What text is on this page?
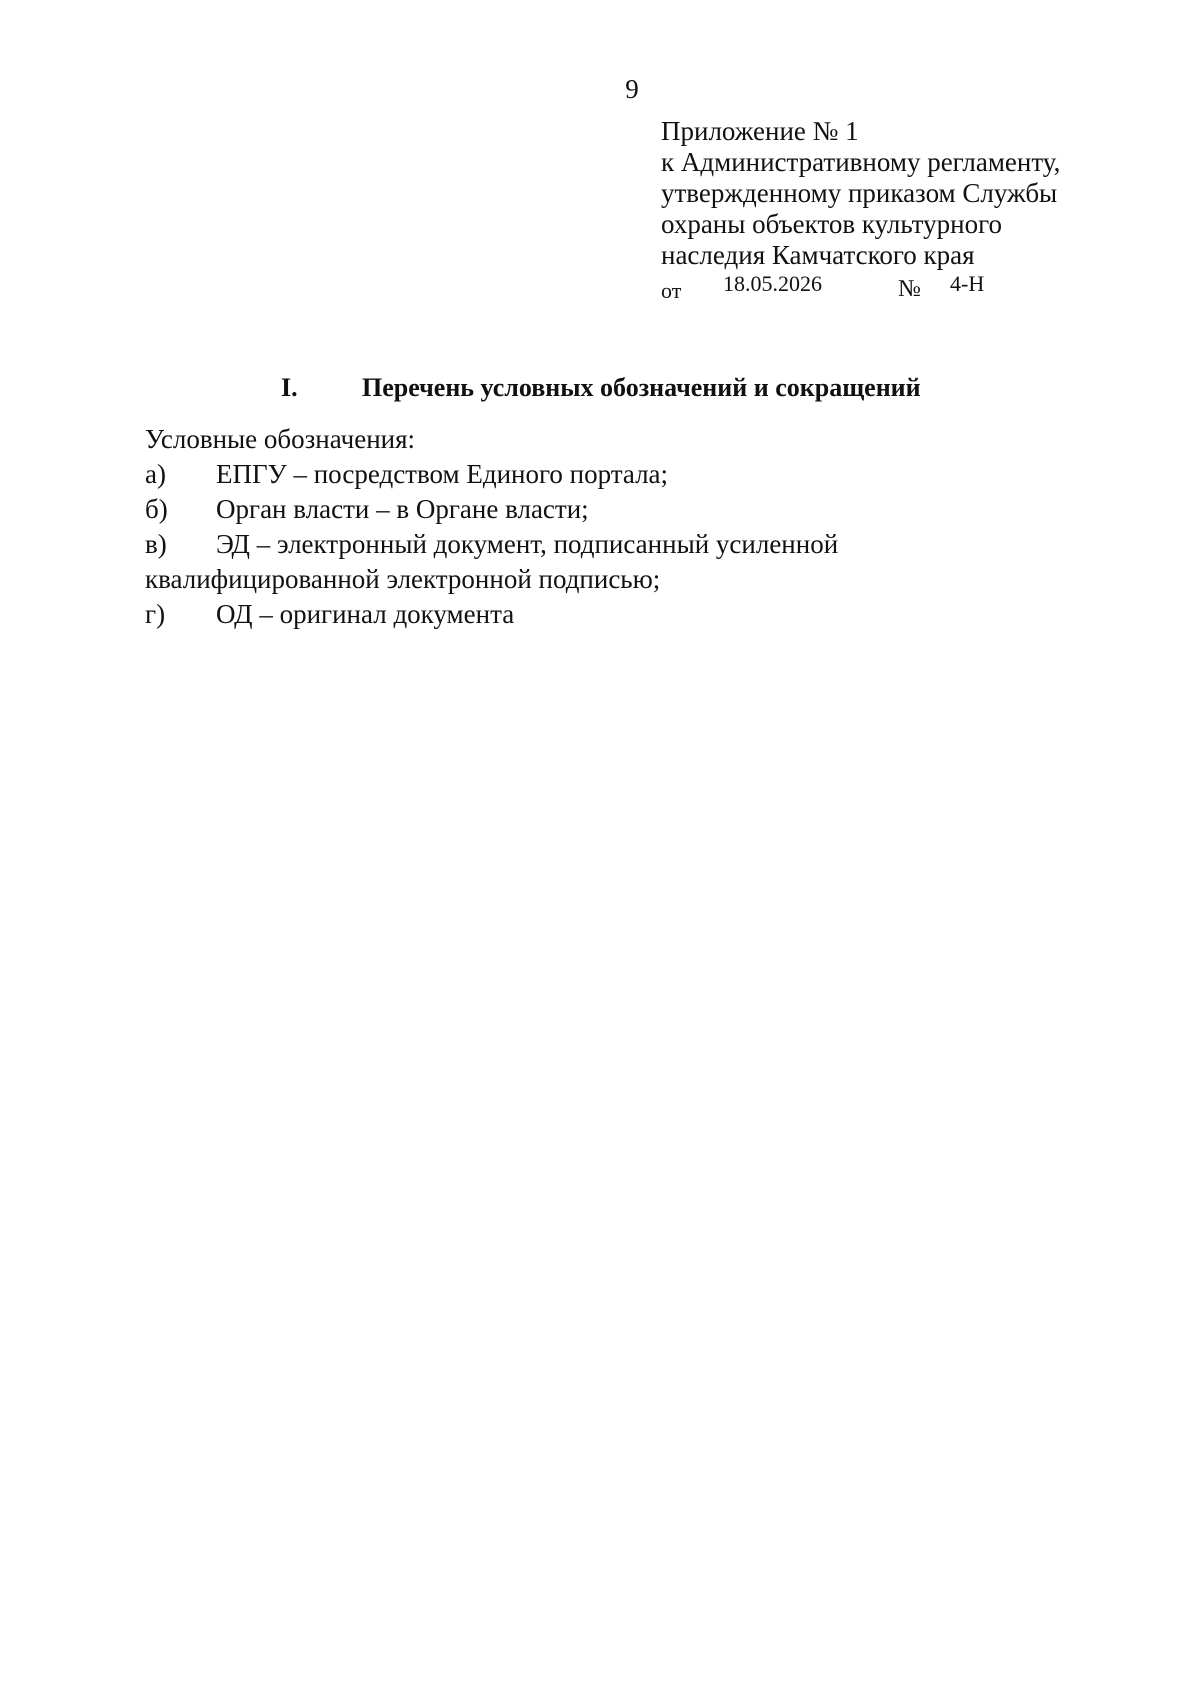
9
Приложение № 1
к Административному регламенту,
утвержденному приказом Службы
охраны объектов культурного
наследия Камчатского края
от 18.05.2026	№ 4-Н
I. Перечень условных обозначений и сокращений
Условные обозначения:
а) ЕПГУ – посредством Единого портала;
б) Орган власти – в Органе власти;
в) ЭД – электронный документ, подписанный усиленной
квалифицированной электронной подписью;
г) ОД – оригинал документа
